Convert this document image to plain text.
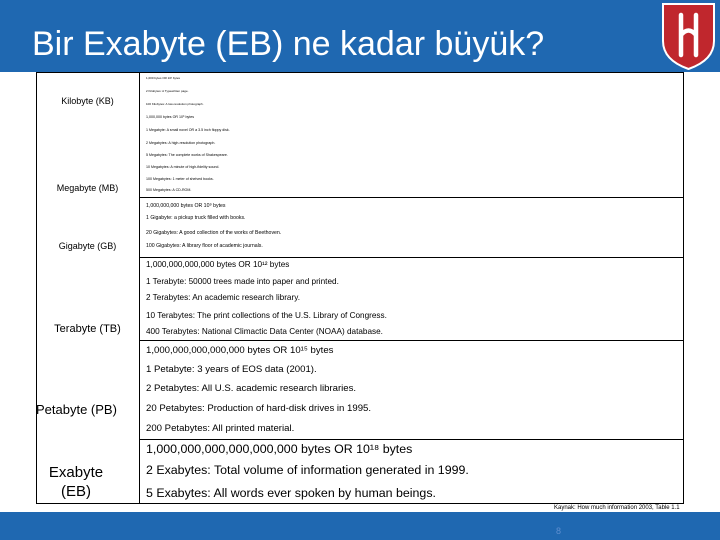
Bir Exabyte (EB) ne kadar büyük?
Kilobyte (KB)
1,000 bytes OR 10³ bytes
2 Kilobytes: A Typewritten page.
100 Kilobytes: A low-resolution photograph.
Megabyte (MB)
1,000,000 bytes OR 10⁶ bytes
1 Megabyte: A small novel OR a 3.5 inch floppy disk.
2 Megabytes: A high-resolution photograph.
5 Megabytes: The complete works of Shakespeare.
10 Megabytes: A minute of high-fidelity sound.
100 Megabytes: 1 meter of shelved books.
500 Megabytes: A CD-ROM.
Gigabyte (GB)
1,000,000,000 bytes OR 10⁹ bytes
1 Gigabyte: a pickup truck filled with books.
20 Gigabytes: A good collection of the works of Beethoven.
100 Gigabytes: A library floor of academic journals.
Terabyte (TB)
1,000,000,000,000 bytes OR 10¹² bytes
1 Terabyte: 50000 trees made into paper and printed.
2 Terabytes: An academic research library.
10 Terabytes: The print collections of the U.S. Library of Congress.
400 Terabytes: National Climactic Data Center (NOAA) database.
Petabyte (PB)
1,000,000,000,000,000 bytes OR 10¹⁵ bytes
1 Petabyte: 3 years of EOS data (2001).
2 Petabytes: All U.S. academic research libraries.
20 Petabytes: Production of hard-disk drives in 1995.
200 Petabytes: All printed material.
Exabyte (EB)
1,000,000,000,000,000,000 bytes OR 10¹⁸ bytes
2 Exabytes: Total volume of information generated in 1999.
5 Exabytes: All words ever spoken by human beings.
Kaynak: How much information 2003, Table 1.1
8
